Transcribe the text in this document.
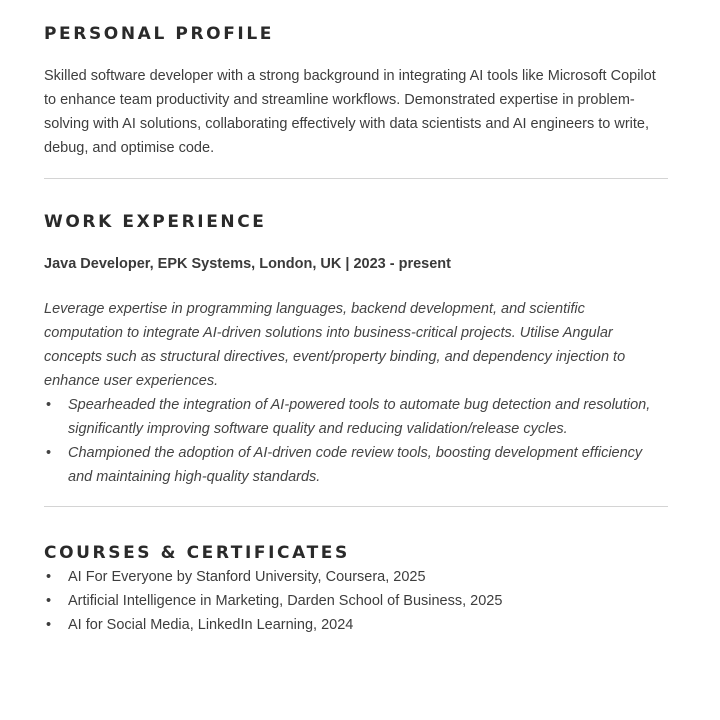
PERSONAL PROFILE

Skilled software developer with a strong background in integrating AI tools like Microsoft Copilot to enhance team productivity and streamline workflows. Demonstrated expertise in problem-solving with AI solutions, collaborating effectively with data scientists and AI engineers to write, debug, and optimise code.

WORK EXPERIENCE

Java Developer, EPK Systems, London, UK | 2023 - present

Leverage expertise in programming languages, backend development, and scientific computation to integrate AI-driven solutions into business-critical projects. Utilise Angular concepts such as structural directives, event/property binding, and dependency injection to enhance user experiences.

• Spearheaded the integration of AI-powered tools to automate bug detection and resolution, significantly improving software quality and reducing validation/release cycles.
• Championed the adoption of AI-driven code review tools, boosting development efficiency and maintaining high-quality standards.
COURSES & CERTIFICATES
• AI For Everyone by Stanford University, Coursera, 2025
• Artificial Intelligence in Marketing, Darden School of Business, 2025
• AI for Social Media, LinkedIn Learning, 2024
